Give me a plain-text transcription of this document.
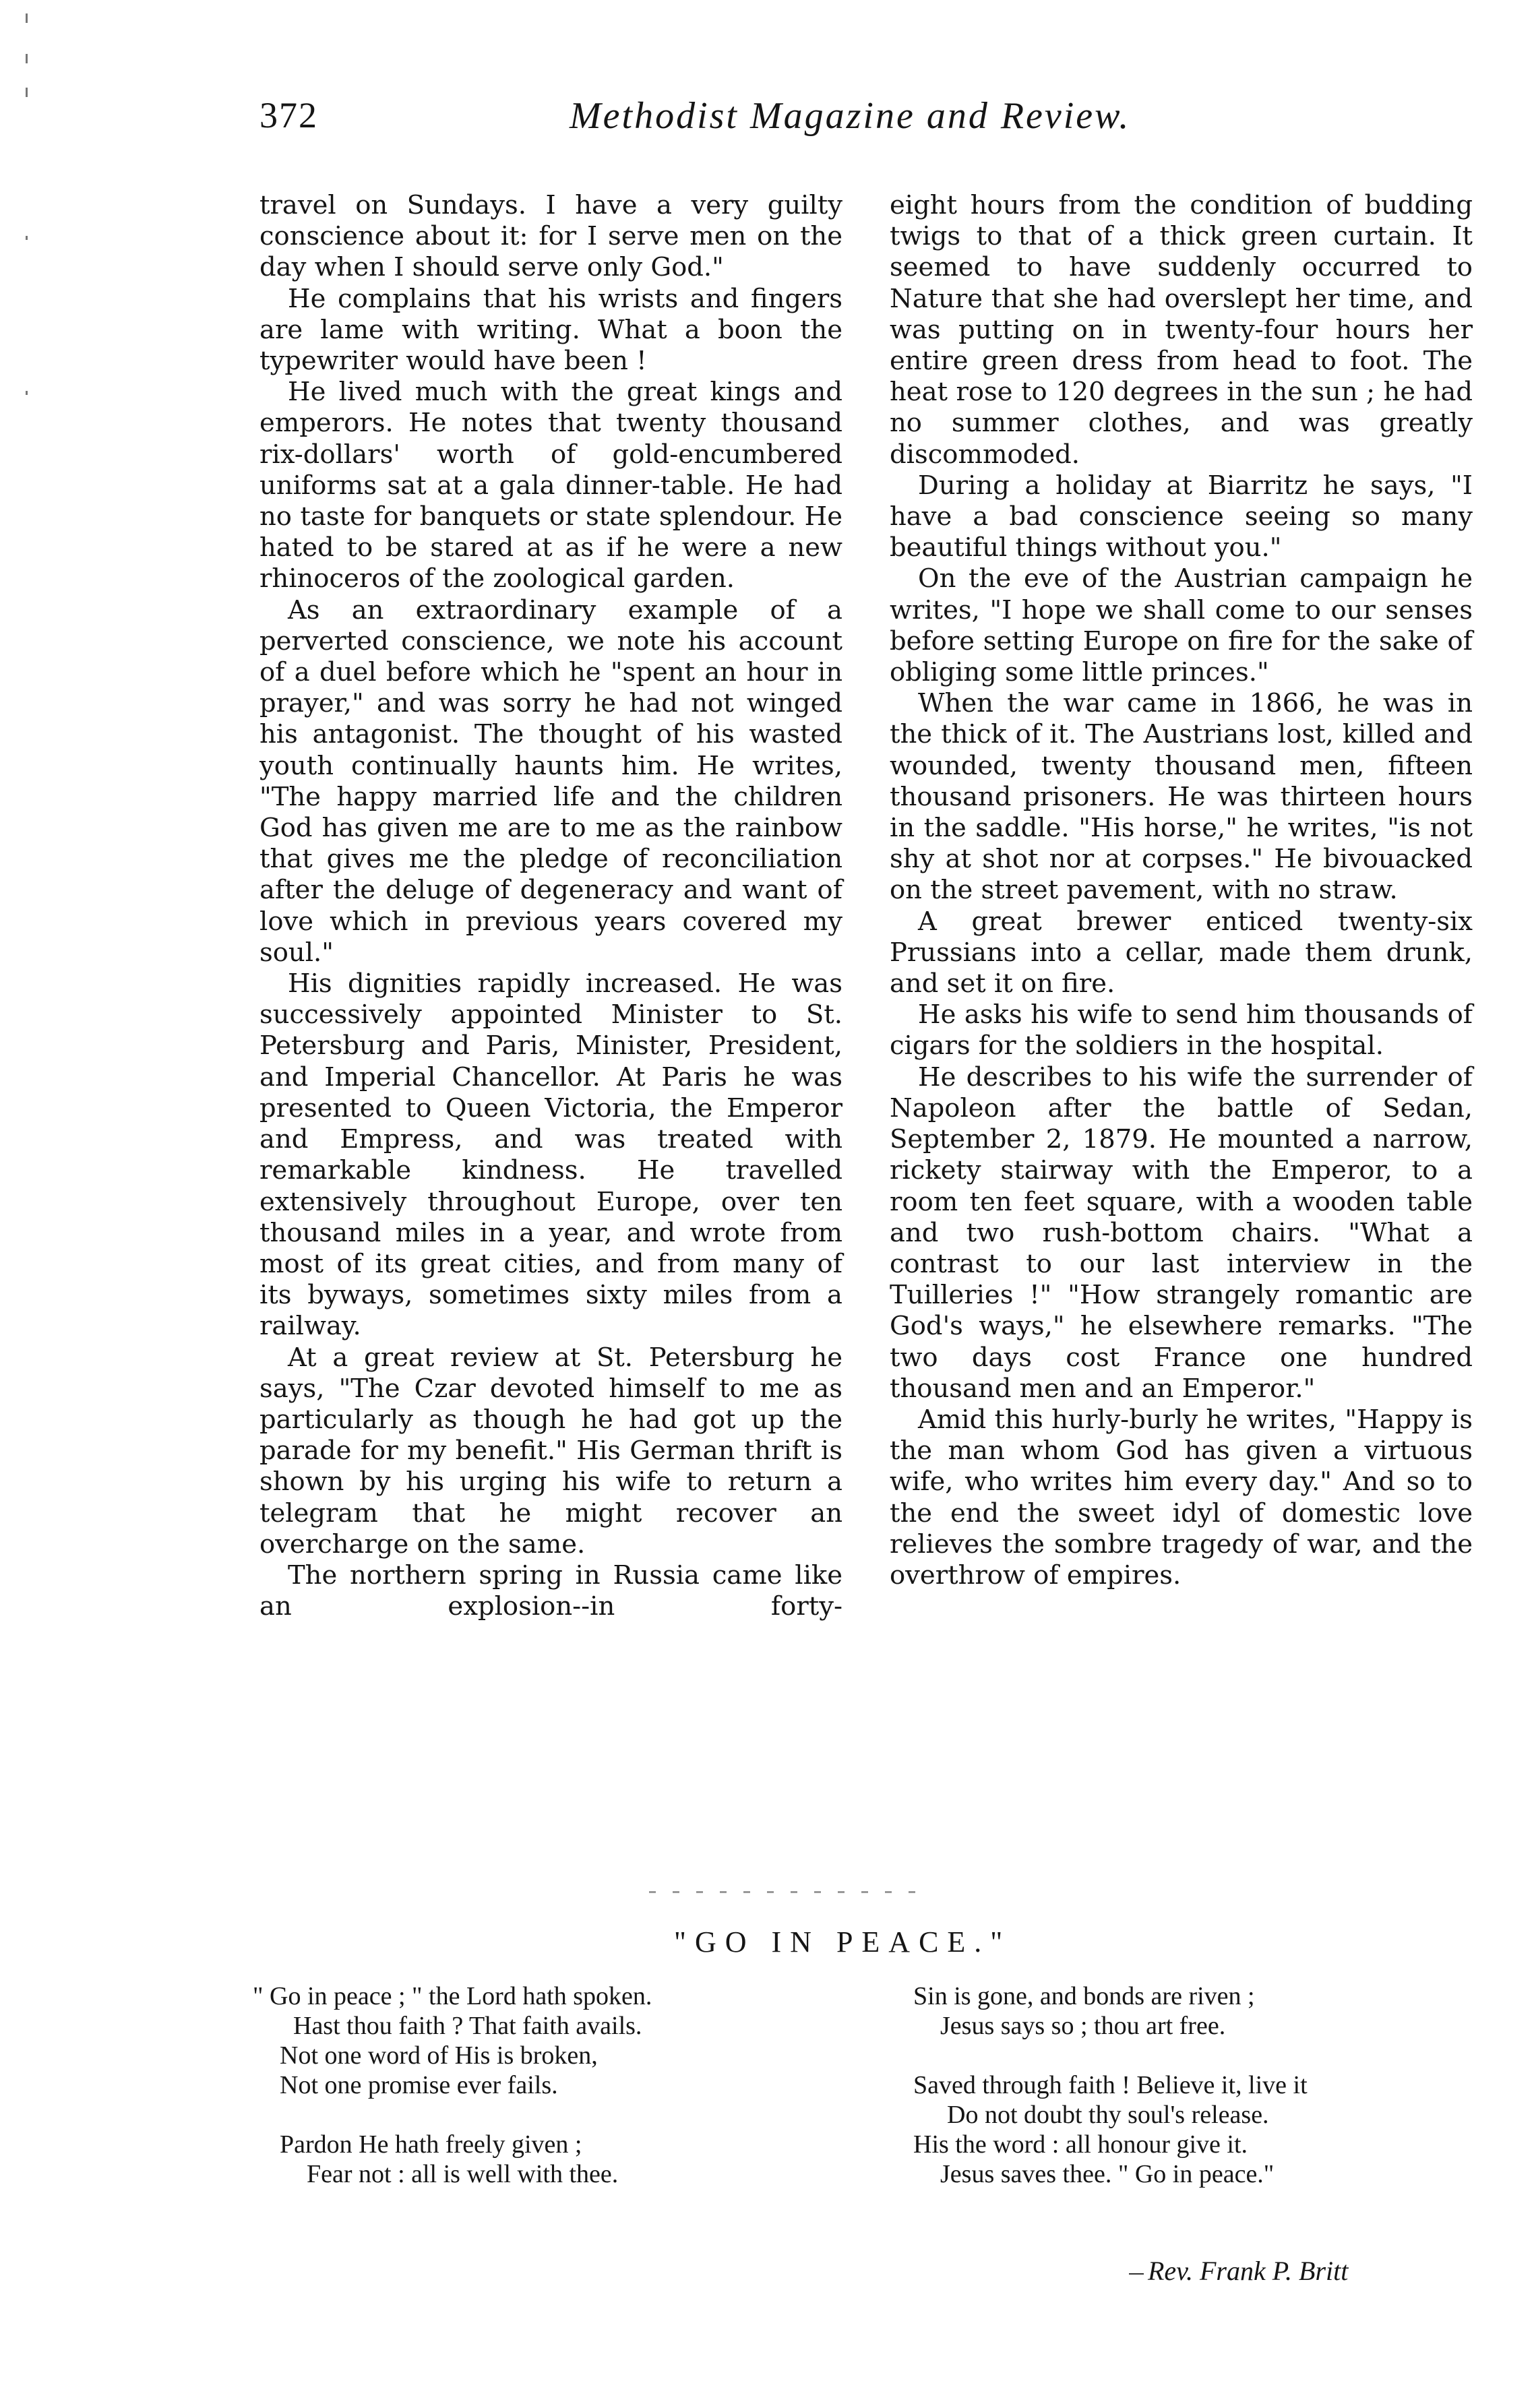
372	Methodist Magazine and Review.

travel on Sundays. I have a very guilty conscience about it: for I serve men on the day when I should serve only God."

He complains that his wrists and fingers are lame with writing. What a boon the typewriter would have been !

He lived much with the great kings and emperors. He notes that twenty thousand rix-dollars' worth of gold-encumbered uniforms sat at a gala dinner-table. He had no taste for banquets or state splendour. He hated to be stared at as if he were a new rhinoceros of the zoological garden.

As an extraordinary example of a perverted conscience, we note his account of a duel before which he "spent an hour in prayer," and was sorry he had not winged his antagonist. The thought of his wasted youth continually haunts him. He writes, "The happy married life and the children God has given me are to me as the rainbow that gives me the pledge of reconciliation after the deluge of degeneracy and want of love which in previous years covered my soul."

His dignities rapidly increased. He was successively appointed Minister to St. Petersburg and Paris, Minister, President, and Imperial Chancellor. At Paris he was presented to Queen Victoria, the Emperor and Empress, and was treated with remarkable kindness. He travelled extensively throughout Europe, over ten thousand miles in a year, and wrote from most of its great cities, and from many of its byways, sometimes sixty miles from a railway.

At a great review at St. Petersburg he says, "The Czar devoted himself to me as particularly as though he had got up the parade for my benefit." His German thrift is shown by his urging his wife to return a telegram that he might recover an overcharge on the same.

The northern spring in Russia came like an explosion--in forty-

eight hours from the condition of budding twigs to that of a thick green curtain. It seemed to have suddenly occurred to Nature that she had overslept her time, and was putting on in twenty-four hours her entire green dress from head to foot. The heat rose to 120 degrees in the sun ; he had no summer clothes, and was greatly discommoded.

During a holiday at Biarritz he says, "I have a bad conscience seeing so many beautiful things without you."

On the eve of the Austrian campaign he writes, "I hope we shall come to our senses before setting Europe on fire for the sake of obliging some little princes."

When the war came in 1866, he was in the thick of it. The Austrians lost, killed and wounded, twenty thousand men, fifteen thousand prisoners. He was thirteen hours in the saddle. "His horse," he writes, "is not shy at shot nor at corpses." He bivouacked on the street pavement, with no straw.

A great brewer enticed twenty-six Prussians into a cellar, made them drunk, and set it on fire.

He asks his wife to send him thousands of cigars for the soldiers in the hospital.

He describes to his wife the surrender of Napoleon after the battle of Sedan, September 2, 1879. He mounted a narrow, rickety stairway with the Emperor, to a room ten feet square, with a wooden table and two rush-bottom chairs. "What a contrast to our last interview in the Tuilleries !" "How strangely romantic are God's ways," he elsewhere remarks. "The two days cost France one hundred thousand men and an Emperor."

Amid this hurly-burly he writes, "Happy is the man whom God has given a virtuous wife, who writes him every day." And so to the end the sweet idyl of domestic love relieves the sombre tragedy of war, and the overthrow of empires.

"GO IN PEACE."
" Go in peace ; " the Lord hath spoken.
Hast thou faith ? That faith avails.
Not one word of His is broken,
Not one promise ever fails.
Pardon He hath freely given ;
Fear not : all is well with thee.
Sin is gone, and bonds are riven ;
Jesus says so ; thou art free.
Saved through faith ! Believe it, live it
Do not doubt thy soul's release.
His the word : all honour give it.
Jesus saves thee. " Go in peace."
Rev. Frank P. Britt
